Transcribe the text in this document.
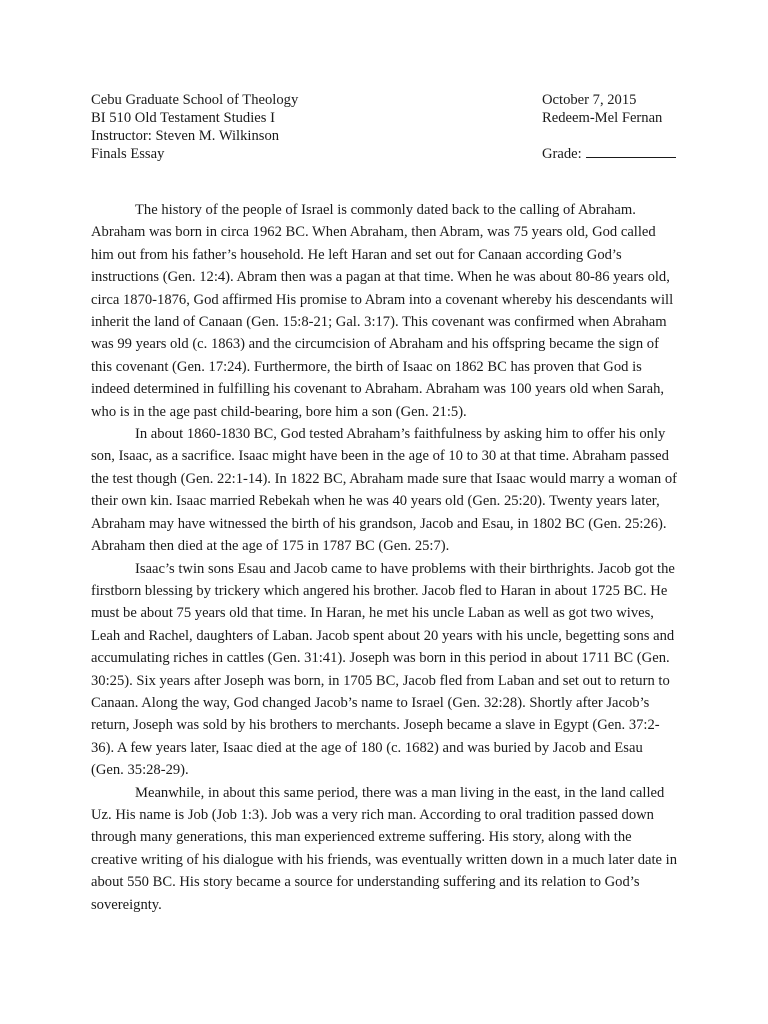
Cebu Graduate School of Theology	October 7, 2015
BI 510 Old Testament Studies I	Redeem-Mel Fernan
Instructor: Steven M. Wilkinson
Finals Essay	Grade:

The history of the people of Israel is commonly dated back to the calling of Abraham. Abraham was born in circa 1962 BC. When Abraham, then Abram, was 75 years old, God called him out from his father’s household. He left Haran and set out for Canaan according God’s instructions (Gen. 12:4). Abram then was a pagan at that time. When he was about 80-86 years old, circa 1870-1876, God affirmed His promise to Abram into a covenant whereby his descendants will inherit the land of Canaan (Gen. 15:8-21; Gal. 3:17). This covenant was confirmed when Abraham was 99 years old (c. 1863) and the circumcision of Abraham and his offspring became the sign of this covenant (Gen. 17:24). Furthermore, the birth of Isaac on 1862 BC has proven that God is indeed determined in fulfilling his covenant to Abraham. Abraham was 100 years old when Sarah, who is in the age past child-bearing, bore him a son (Gen. 21:5).

In about 1860-1830 BC, God tested Abraham’s faithfulness by asking him to offer his only son, Isaac, as a sacrifice. Isaac might have been in the age of 10 to 30 at that time. Abraham passed the test though (Gen. 22:1-14). In 1822 BC, Abraham made sure that Isaac would marry a woman of their own kin. Isaac married Rebekah when he was 40 years old (Gen. 25:20). Twenty years later, Abraham may have witnessed the birth of his grandson, Jacob and Esau, in 1802 BC (Gen. 25:26). Abraham then died at the age of 175 in 1787 BC (Gen. 25:7).

Isaac’s twin sons Esau and Jacob came to have problems with their birthrights. Jacob got the firstborn blessing by trickery which angered his brother. Jacob fled to Haran in about 1725 BC. He must be about 75 years old that time. In Haran, he met his uncle Laban as well as got two wives, Leah and Rachel, daughters of Laban. Jacob spent about 20 years with his uncle, begetting sons and accumulating riches in cattles (Gen. 31:41). Joseph was born in this period in about 1711 BC (Gen. 30:25). Six years after Joseph was born, in 1705 BC, Jacob fled from Laban and set out to return to Canaan. Along the way, God changed Jacob’s name to Israel (Gen. 32:28). Shortly after Jacob’s return, Joseph was sold by his brothers to merchants. Joseph became a slave in Egypt (Gen. 37:2-36). A few years later, Isaac died at the age of 180 (c. 1682) and was buried by Jacob and Esau (Gen. 35:28-29).

Meanwhile, in about this same period, there was a man living in the east, in the land called Uz. His name is Job (Job 1:3). Job was a very rich man. According to oral tradition passed down through many generations, this man experienced extreme suffering. His story, along with the creative writing of his dialogue with his friends, was eventually written down in a much later date in about 550 BC. His story became a source for understanding suffering and its relation to God’s sovereignty.
